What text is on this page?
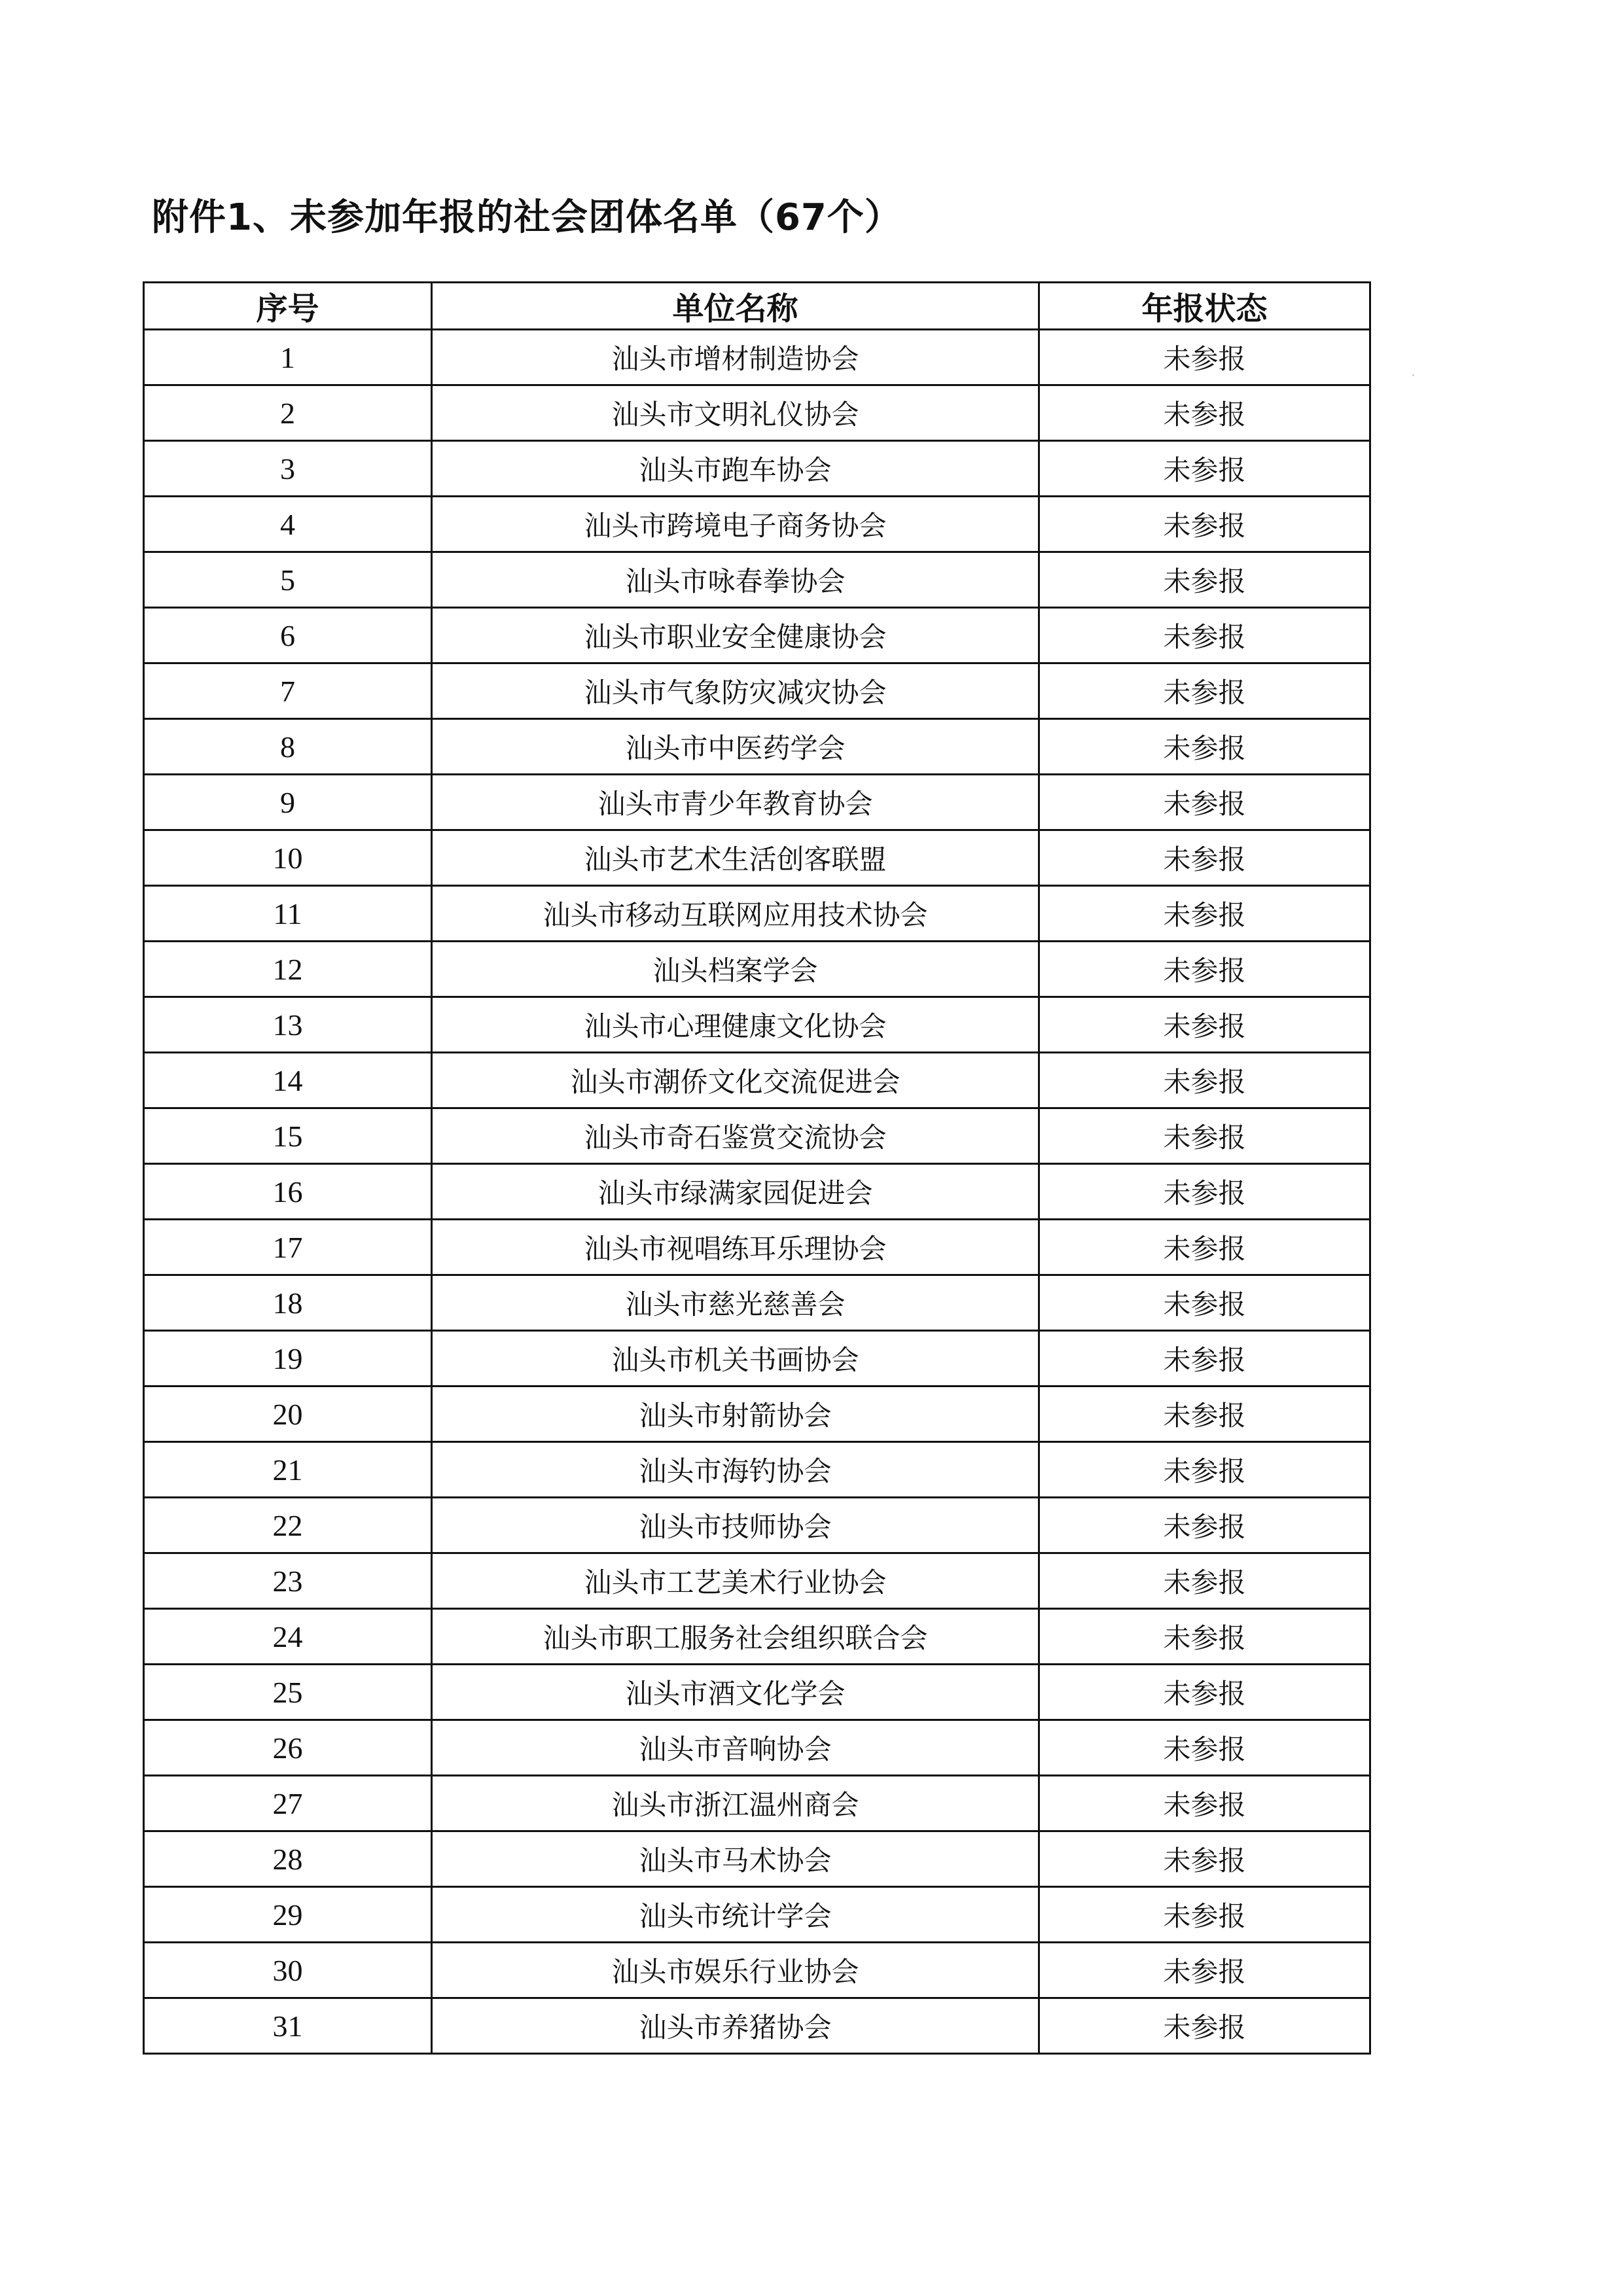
附件1、未参加年报的社会团体名单（67个）
序号	单位名称	年报状态
1	汕头市增材制造协会	未参报
2	汕头市文明礼仪协会	未参报
3	汕头市跑车协会	未参报
4	汕头市跨境电子商务协会	未参报
5	汕头市咏春拳协会	未参报
6	汕头市职业安全健康协会	未参报
7	汕头市气象防灾减灾协会	未参报
8	汕头市中医药学会	未参报
9	汕头市青少年教育协会	未参报
10	汕头市艺术生活创客联盟	未参报
11	汕头市移动互联网应用技术协会	未参报
12	汕头档案学会	未参报
13	汕头市心理健康文化协会	未参报
14	汕头市潮侨文化交流促进会	未参报
15	汕头市奇石鉴赏交流协会	未参报
16	汕头市绿满家园促进会	未参报
17	汕头市视唱练耳乐理协会	未参报
18	汕头市慈光慈善会	未参报
19	汕头市机关书画协会	未参报
20	汕头市射箭协会	未参报
21	汕头市海钓协会	未参报
22	汕头市技师协会	未参报
23	汕头市工艺美术行业协会	未参报
24	汕头市职工服务社会组织联合会	未参报
25	汕头市酒文化学会	未参报
26	汕头市音响协会	未参报
27	汕头市浙江温州商会	未参报
28	汕头市马术协会	未参报
29	汕头市统计学会	未参报
30	汕头市娱乐行业协会	未参报
31	汕头市养猪协会	未参报
